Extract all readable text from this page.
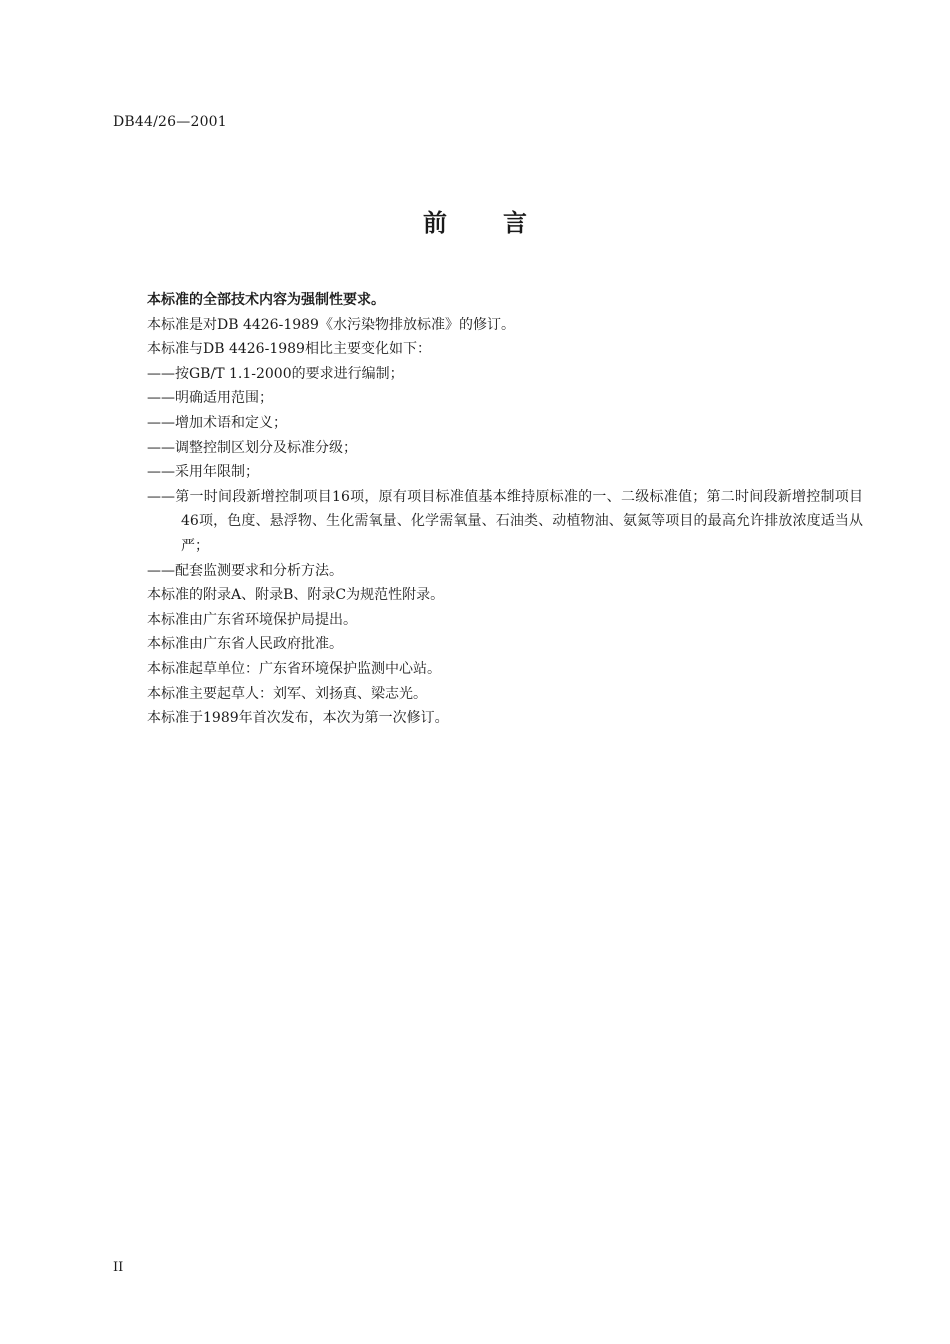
DB44/26—2001
前 言

本标准的全部技术内容为强制性要求。

本标准是对DB 4426-1989《水污染物排放标准》的修订。

本标准与DB 4426-1989相比主要变化如下：

——按GB/T 1.1-2000的要求进行编制；

——明确适用范围；

——增加术语和定义；

——调整控制区划分及标准分级；

——采用年限制；

——第一时间段新增控制项目16项，原有项目标准值基本维持原标准的一、二级标准值；第二时间段新增控制项目46项，色度、悬浮物、生化需氧量、化学需氧量、石油类、动植物油、氨氮等项目的最高允许排放浓度适当从严；

——配套监测要求和分析方法。

本标准的附录A、附录B、附录C为规范性附录。

本标准由广东省环境保护局提出。

本标准由广东省人民政府批准。

本标准起草单位：广东省环境保护监测中心站。

本标准主要起草人：刘军、刘扬真、梁志光。

本标准于1989年首次发布，本次为第一次修订。

II
